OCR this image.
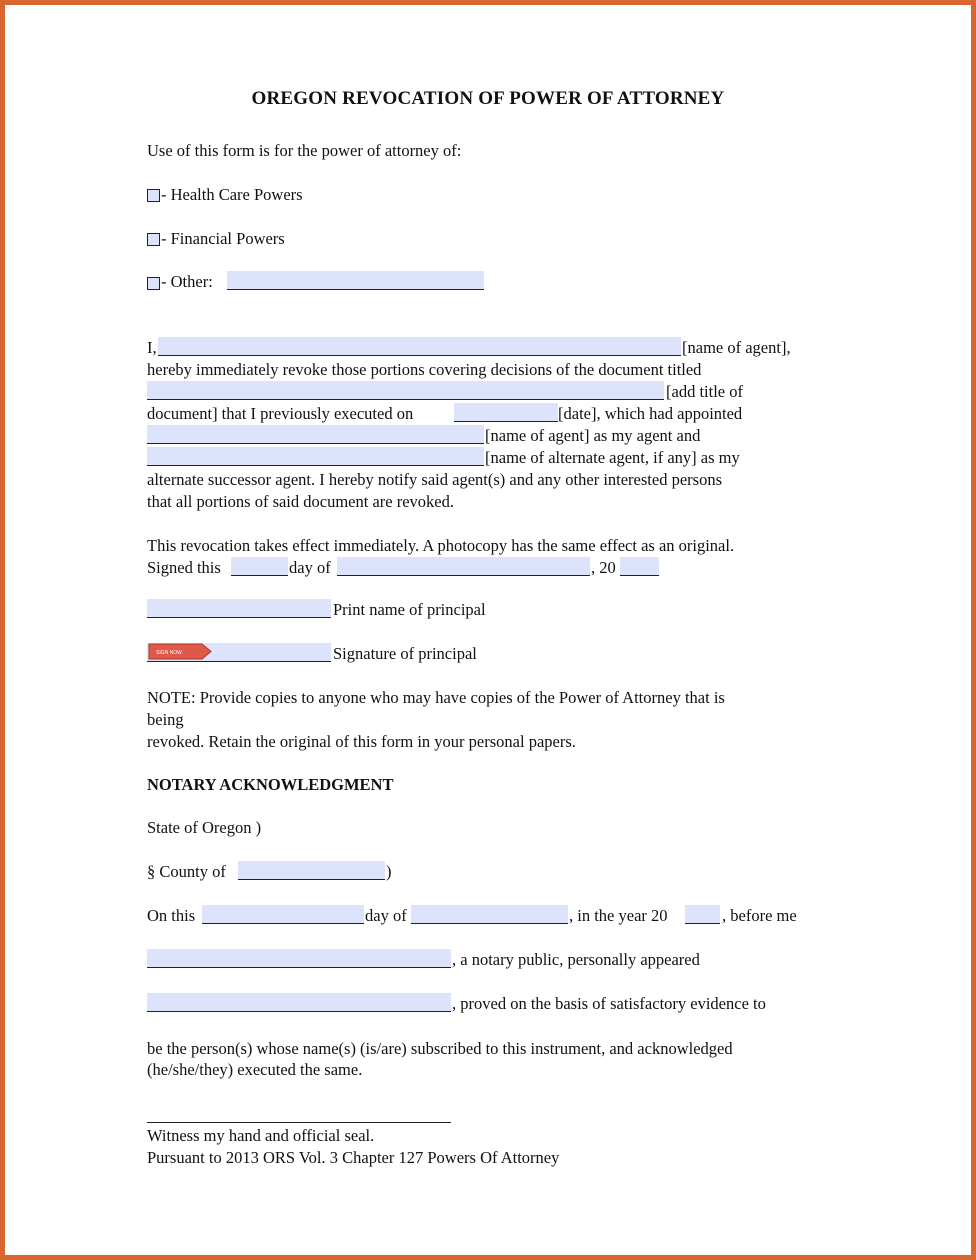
OREGON REVOCATION OF POWER OF ATTORNEY
Use of this form is for the power of attorney of:
- Health Care Powers
- Financial Powers
- Other:
I,	[name of agent],
hereby immediately revoke those portions covering decisions of the document titled
[add title of
document] that I previously executed on	[date], which had appointed
[name of agent] as my agent and
[name of alternate agent, if any] as my
alternate successor agent. I hereby notify said agent(s) and any other interested persons
that all portions of said document are revoked.
This revocation takes effect immediately. A photocopy has the same effect as an original.
Signed this	day of	, 20
Print name of principal
SIGN NOW	Signature of principal
NOTE: Provide copies to anyone who may have copies of the Power of Attorney that is
being
revoked. Retain the original of this form in your personal papers.
NOTARY ACKNOWLEDGMENT
State of Oregon )
§ County of	)
On this	day of	, in the year 20	, before me
, a notary public, personally appeared
, proved on the basis of satisfactory evidence to
be the person(s) whose name(s) (is/are) subscribed to this instrument, and acknowledged
(he/she/they) executed the same.
Witness my hand and official seal.
Pursuant to 2013 ORS Vol. 3 Chapter 127 Powers Of Attorney
